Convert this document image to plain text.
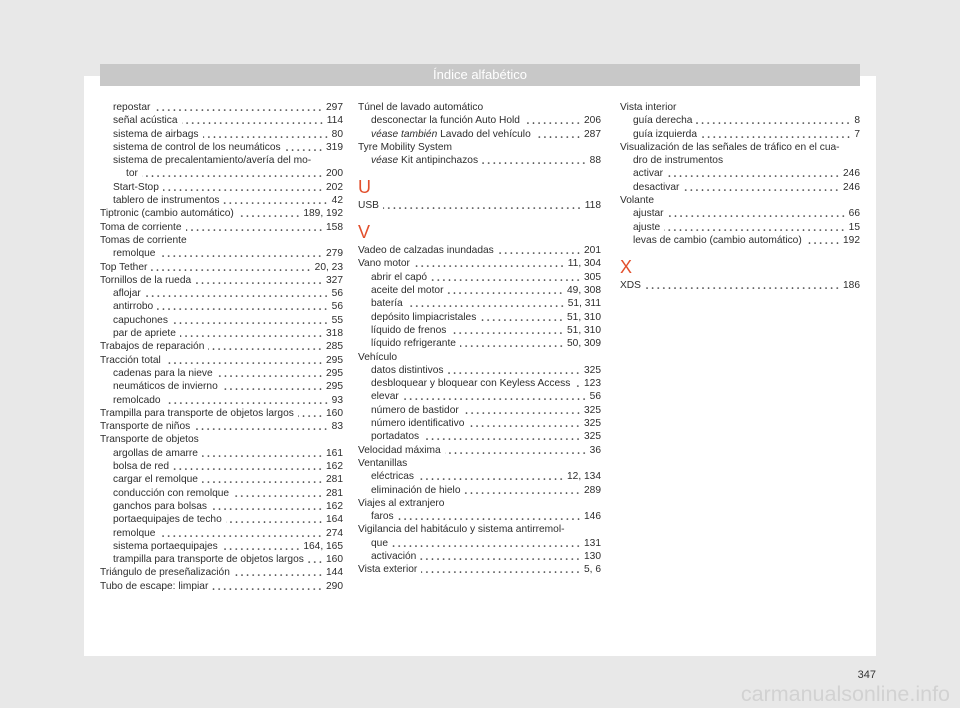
Índice alfabético
repostar	297
señal acústica	114
sistema de airbags	80
sistema de control de los neumáticos	319
sistema de precalentamiento/avería del mo-
tor	200
Start-Stop	202
tablero de instrumentos	42
Tiptronic (cambio automático)	189, 192
Toma de corriente	158
Tomas de corriente
remolque	279
Top Tether	20, 23
Tornillos de la rueda	327
aflojar	56
antirrobo	56
capuchones	55
par de apriete	318
Trabajos de reparación	285
Tracción total	295
cadenas para la nieve	295
neumáticos de invierno	295
remolcado	93
Trampilla para transporte de objetos largos	160
Transporte de niños	83
Transporte de objetos
argollas de amarre	161
bolsa de red	162
cargar el remolque	281
conducción con remolque	281
ganchos para bolsas	162
portaequipajes de techo	164
remolque	274
sistema portaequipajes	164, 165
trampilla para transporte de objetos largos 160
Triángulo de preseñalización	144
Tubo de escape: limpiar	290
Túnel de lavado automático
desconectar la función Auto Hold	206
véase también Lavado del vehículo	287
Tyre Mobility System
véase Kit antipinchazos	88
U
USB	118
V
Vadeo de calzadas inundadas	201
Vano motor	11, 304
abrir el capó	305
aceite del motor	49, 308
batería	51, 311
depósito limpiacristales	51, 310
líquido de frenos	51, 310
líquido refrigerante	50, 309
Vehículo
datos distintivos	325
desbloquear y bloquear con Keyless Access 123
elevar	56
número de bastidor	325
número identificativo	325
portadatos	325
Velocidad máxima	36
Ventanillas
eléctricas	12, 134
eliminación de hielo	289
Viajes al extranjero
faros	146
Vigilancia del habitáculo y sistema antirremol-
que	131
activación	130
Vista exterior	5, 6
Vista interior
guía derecha	8
guía izquierda	7
Visualización de las señales de tráfico en el cua-
dro de instrumentos
activar	246
desactivar	246
Volante
ajustar	66
ajuste	15
levas de cambio (cambio automático)	192
X
XDS	186
347
carmanualsonline.info
